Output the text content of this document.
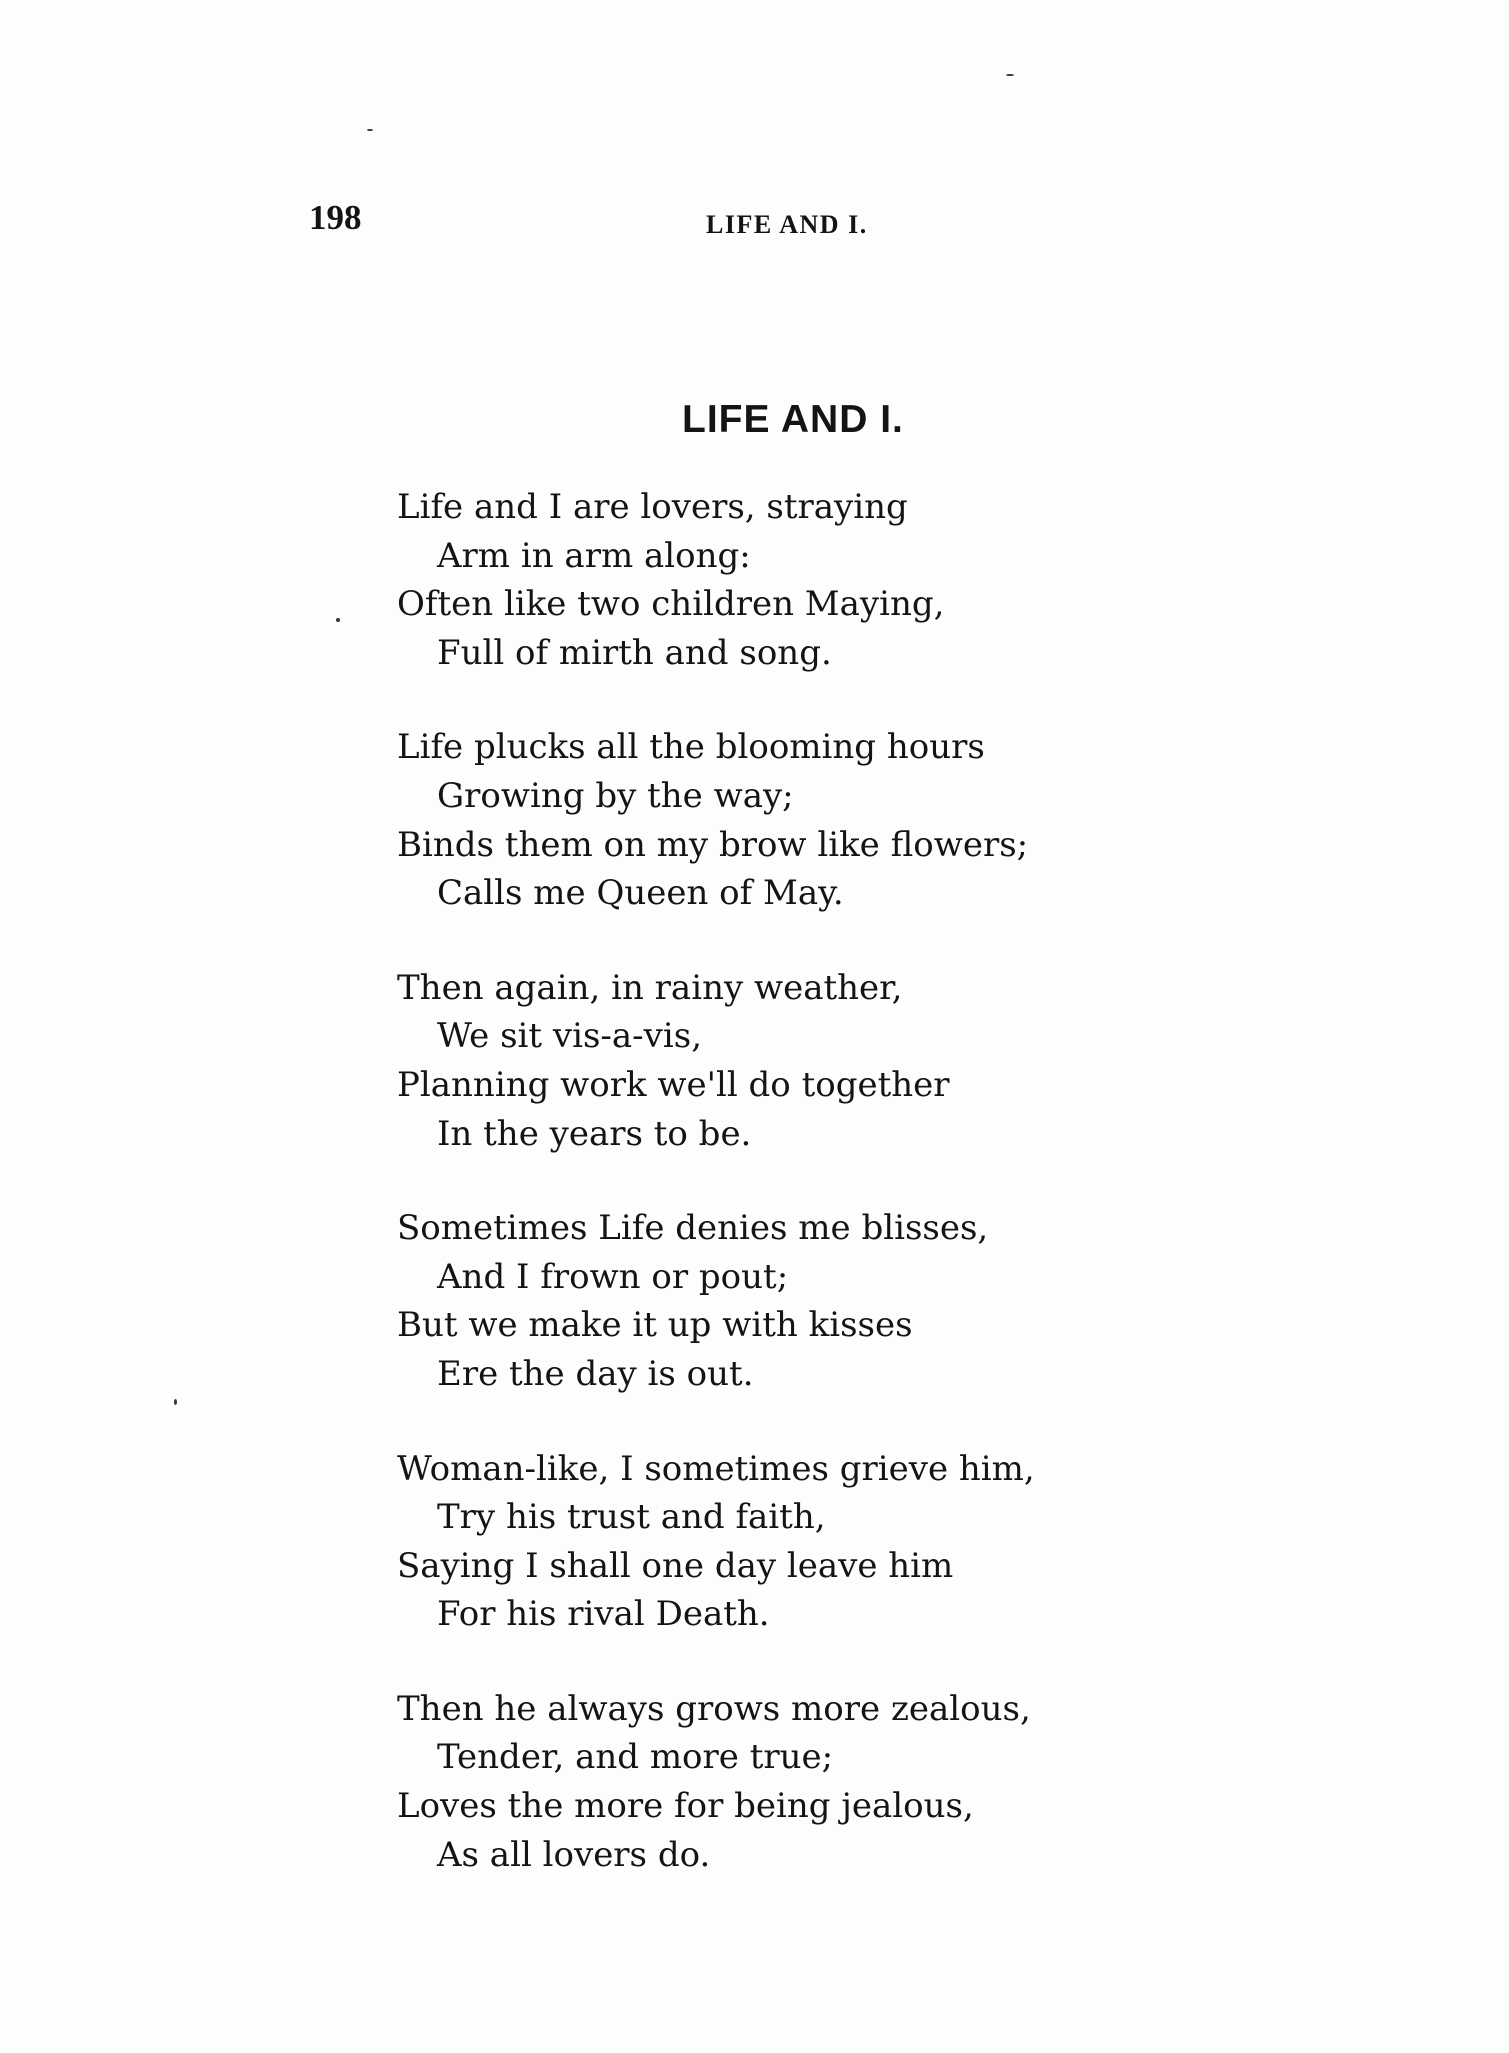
198	LIFE AND I.
LIFE AND I.
Life and I are lovers, straying
Arm in arm along:
Often like two children Maying,
Full of mirth and song.
Life plucks all the blooming hours
Growing by the way;
Binds them on my brow like flowers;
Calls me Queen of May.
Then again, in rainy weather,
We sit vis-a-vis,
Planning work we'll do together
In the years to be.
Sometimes Life denies me blisses,
And I frown or pout;
But we make it up with kisses
Ere the day is out.
Woman-like, I sometimes grieve him,
Try his trust and faith,
Saying I shall one day leave him
For his rival Death.
Then he always grows more zealous,
Tender, and more true;
Loves the more for being jealous,
As all lovers do.
